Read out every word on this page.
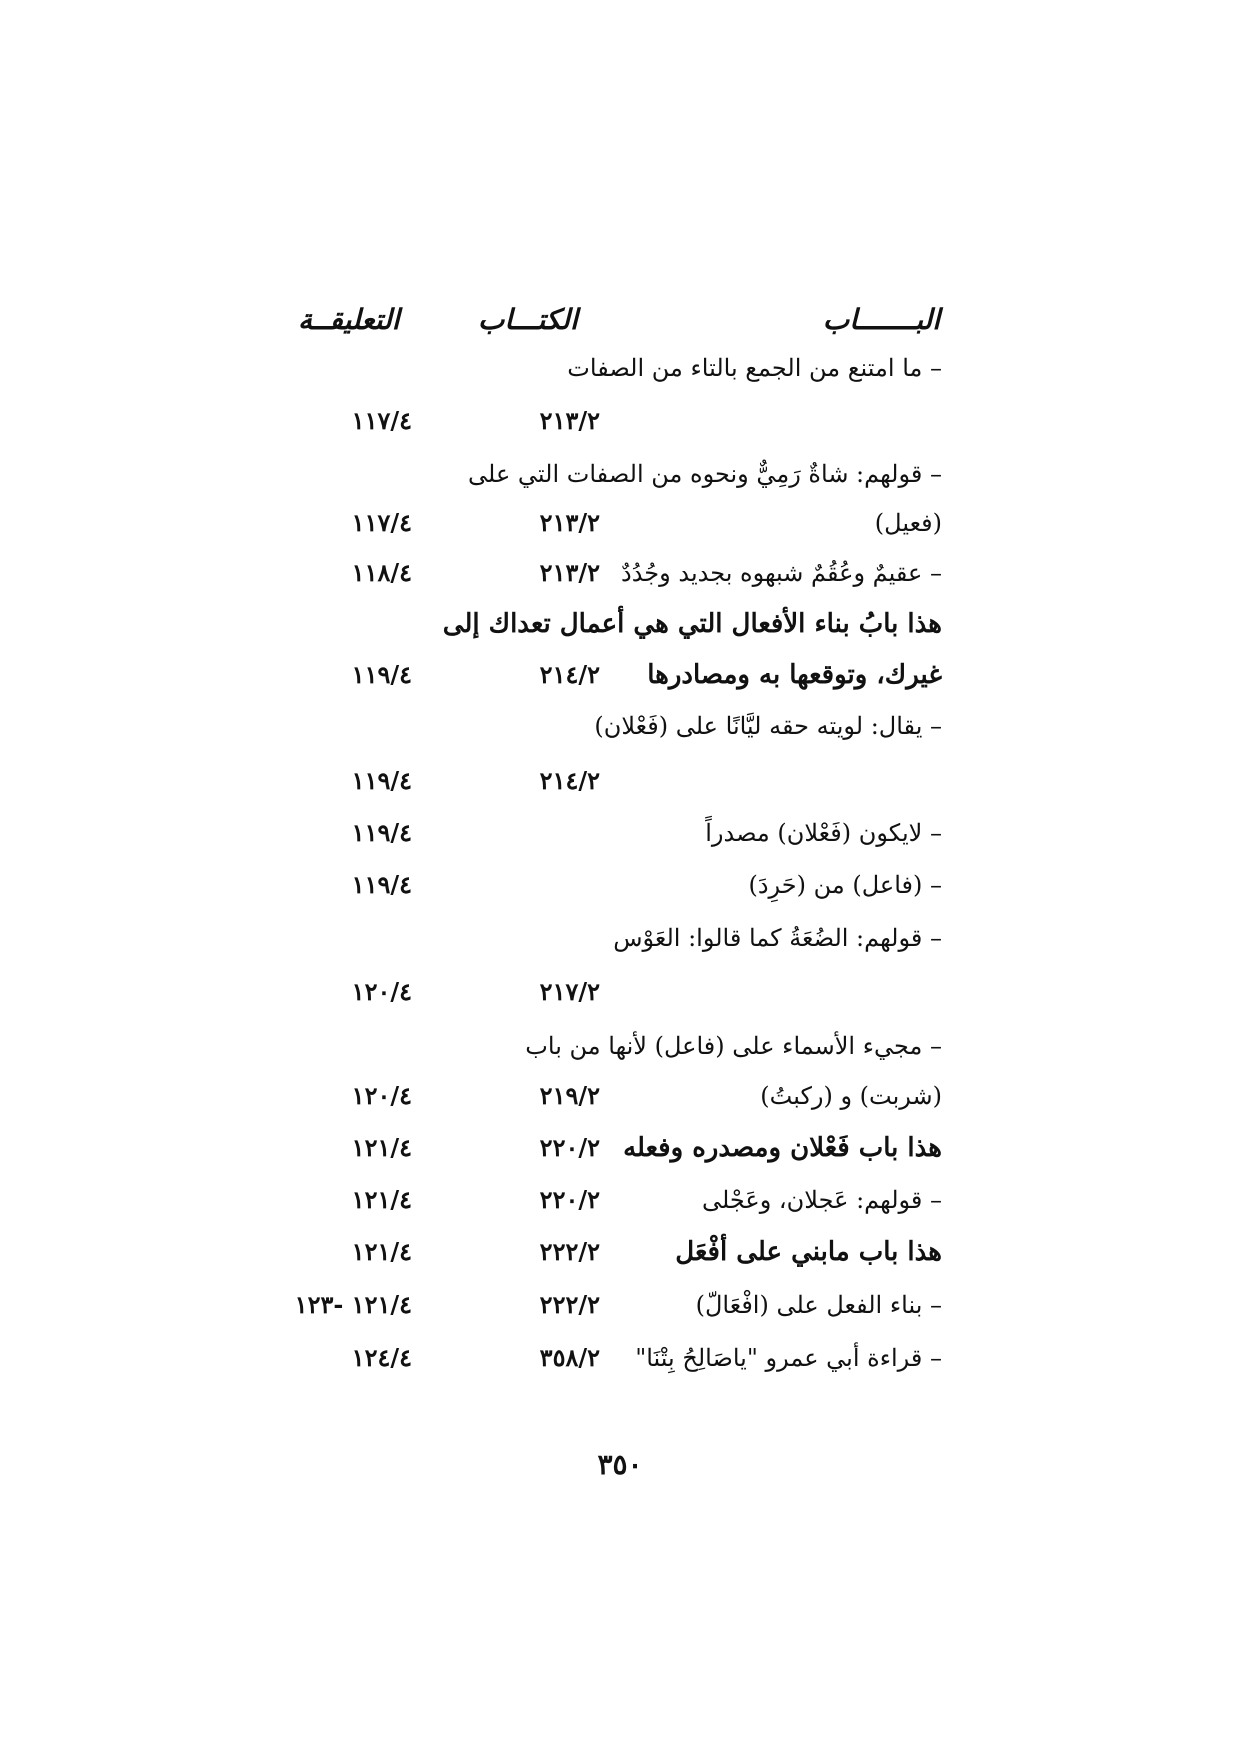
البـــــــاب
الكتـــاب
التعليقــة
– ما امتنع من الجمع بالتاء من الصفات
٢١٣/٢
١١٧/٤
– قولهم: شاةٌ رَمِيٌّ ونحوه من الصفات التي على
(فعيل)
٢١٣/٢
١١٧/٤
– عقيمٌ وعُقُمٌ شبهوه بجديد وجُدُدٌ
٢١٣/٢
١١٨/٤
هذا بابُ بناء الأفعال التي هي أعمال تعداك إلى
غيرك، وتوقعها به ومصادرها
٢١٤/٢
١١٩/٤
– يقال: لويته حقه ليَّانًا على (فَعْلان)
٢١٤/٢
١١٩/٤
– لايكون (فَعْلان) مصدراً
١١٩/٤
– (فاعل) من (حَرِدَ)
١١٩/٤
– قولهم: الضُعَةُ كما قالوا: العَوْس
٢١٧/٢
١٢٠/٤
– مجيء الأسماء على (فاعل) لأنها من باب
(شربت) و (ركبتُ)
٢١٩/٢
١٢٠/٤
هذا باب فَعْلان ومصدره وفعله
٢٢٠/٢
١٢١/٤
– قولهم: عَجلان، وعَجْلى
٢٢٠/٢
١٢١/٤
هذا باب مابني على أفْعَل
٢٢٢/٢
١٢١/٤
– بناء الفعل على (افْعَالّ)
٢٢٢/٢
١٢١/٤ -١٢٣
– قراءة أبي عمرو "ياصَالِحُ بِتْنَا"
٣٥٨/٢
١٢٤/٤
٣٥٠
